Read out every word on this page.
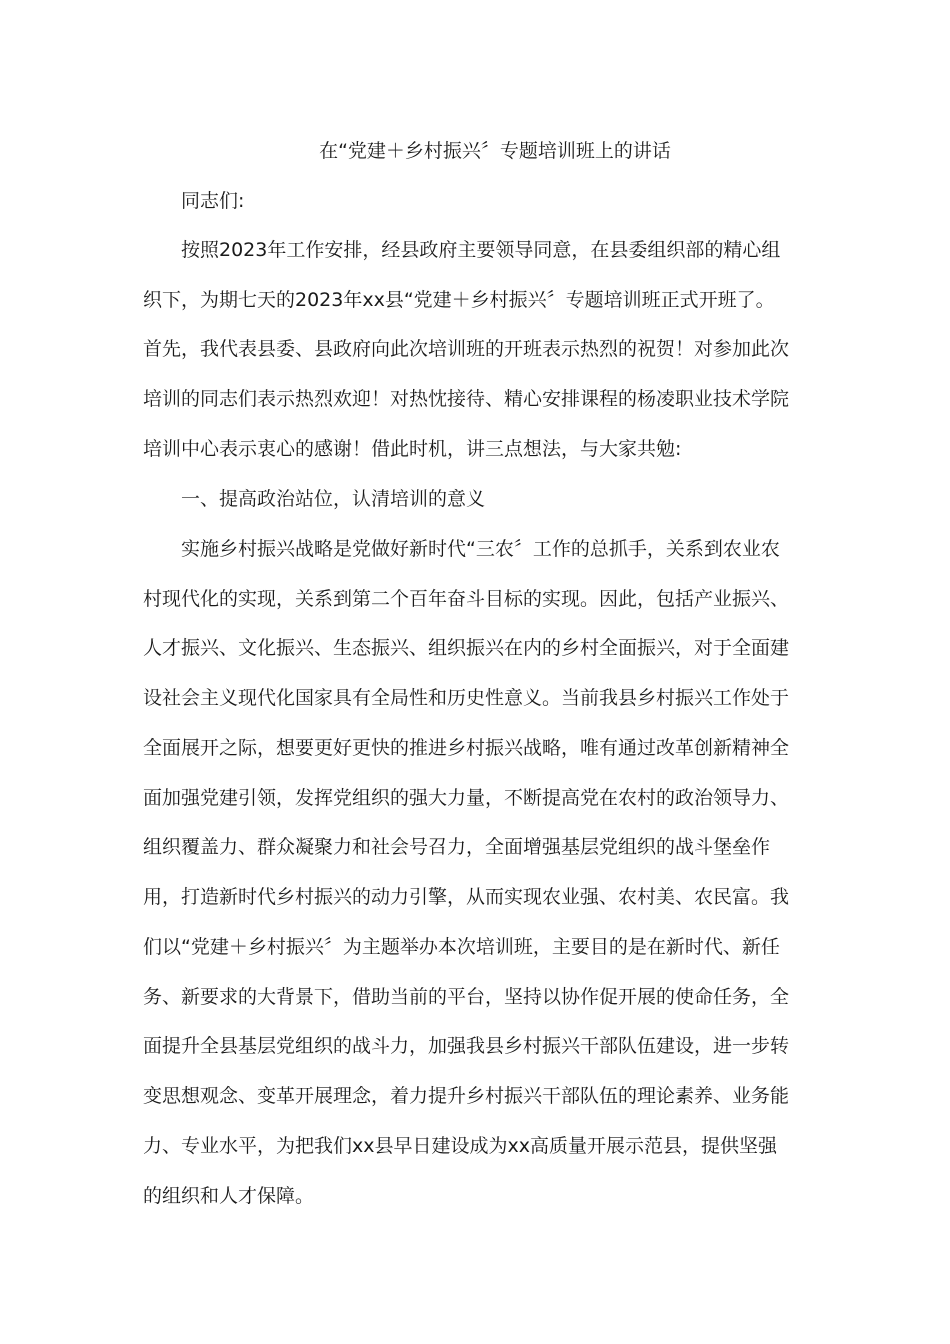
在“党建＋乡村振兴〞专题培训班上的讲话
同志们:
按照2023年工作安排，经县政府主要领导同意，在县委组织部的精心组
织下，为期七天的2023年xx县“党建＋乡村振兴〞专题培训班正式开班了。
首先，我代表县委、县政府向此次培训班的开班表示热烈的祝贺！对参加此次
培训的同志们表示热烈欢迎！对热忱接待、精心安排课程的杨凌职业技术学院
培训中心表示衷心的感谢！借此时机，讲三点想法，与大家共勉:
一、提高政治站位，认清培训的意义
实施乡村振兴战略是党做好新时代“三农〞工作的总抓手，关系到农业农
村现代化的实现，关系到第二个百年奋斗目标的实现。因此，包括产业振兴、
人才振兴、文化振兴、生态振兴、组织振兴在内的乡村全面振兴，对于全面建
设社会主义现代化国家具有全局性和历史性意义。当前我县乡村振兴工作处于
全面展开之际，想要更好更快的推进乡村振兴战略，唯有通过改革创新精神全
面加强党建引领，发挥党组织的强大力量，不断提高党在农村的政治领导力、
组织覆盖力、群众凝聚力和社会号召力，全面增强基层党组织的战斗堡垒作
用，打造新时代乡村振兴的动力引擎，从而实现农业强、农村美、农民富。我
们以“党建＋乡村振兴〞为主题举办本次培训班，主要目的是在新时代、新任
务、新要求的大背景下，借助当前的平台，坚持以协作促开展的使命任务，全
面提升全县基层党组织的战斗力，加强我县乡村振兴干部队伍建设，进一步转
变思想观念、变革开展理念，着力提升乡村振兴干部队伍的理论素养、业务能
力、专业水平，为把我们xx县早日建设成为xx高质量开展示范县，提供坚强
的组织和人才保障。
